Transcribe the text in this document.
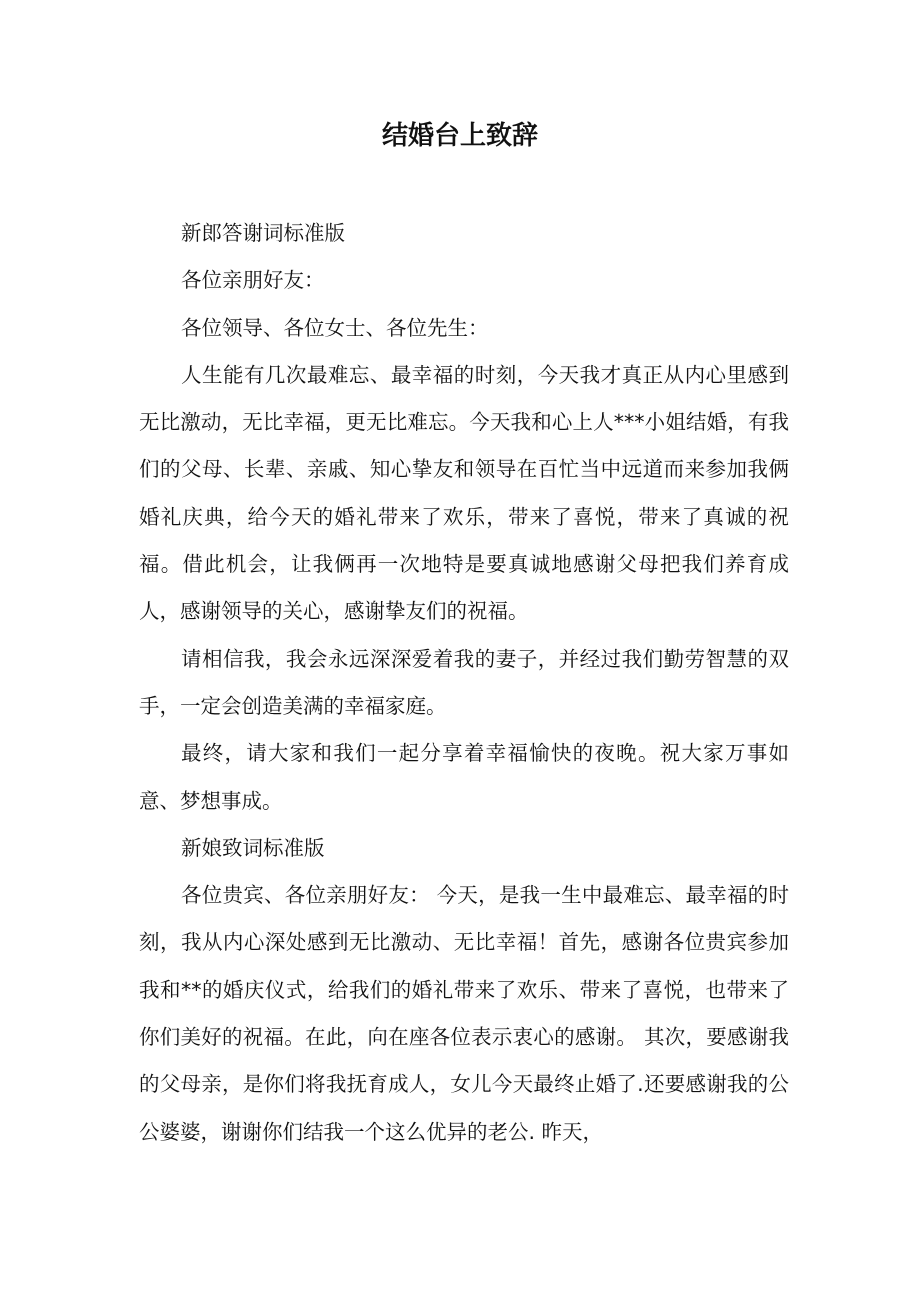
结婚台上致辞

新郎答谢词标准版

各位亲朋好友：

各位领导、各位女士、各位先生：

人生能有几次最难忘、最幸福的时刻，今天我才真正从内心里感到无比激动，无比幸福，更无比难忘。今天我和心上人***小姐结婚，有我们的父母、长辈、亲戚、知心挚友和领导在百忙当中远道而来参加我俩婚礼庆典，给今天的婚礼带来了欢乐，带来了喜悦，带来了真诚的祝福。借此机会，让我俩再一次地特是要真诚地感谢父母把我们养育成人，感谢领导的关心，感谢挚友们的祝福。

请相信我，我会永远深深爱着我的妻子，并经过我们勤劳智慧的双手，一定会创造美满的幸福家庭。

最终，请大家和我们一起分享着幸福愉快的夜晚。祝大家万事如意、梦想事成。

新娘致词标准版

各位贵宾、各位亲朋好友： 今天，是我一生中最难忘、最幸福的时刻，我从内心深处感到无比激动、无比幸福！首先，感谢各位贵宾参加我和**的婚庆仪式，给我们的婚礼带来了欢乐、带来了喜悦，也带来了你们美好的祝福。在此，向在座各位表示衷心的感谢。 其次，要感谢我的父母亲，是你们将我抚育成人，女儿今天最终止婚了.还要感谢我的公公婆婆，谢谢你们结我一个这么优异的老公. 昨天，
